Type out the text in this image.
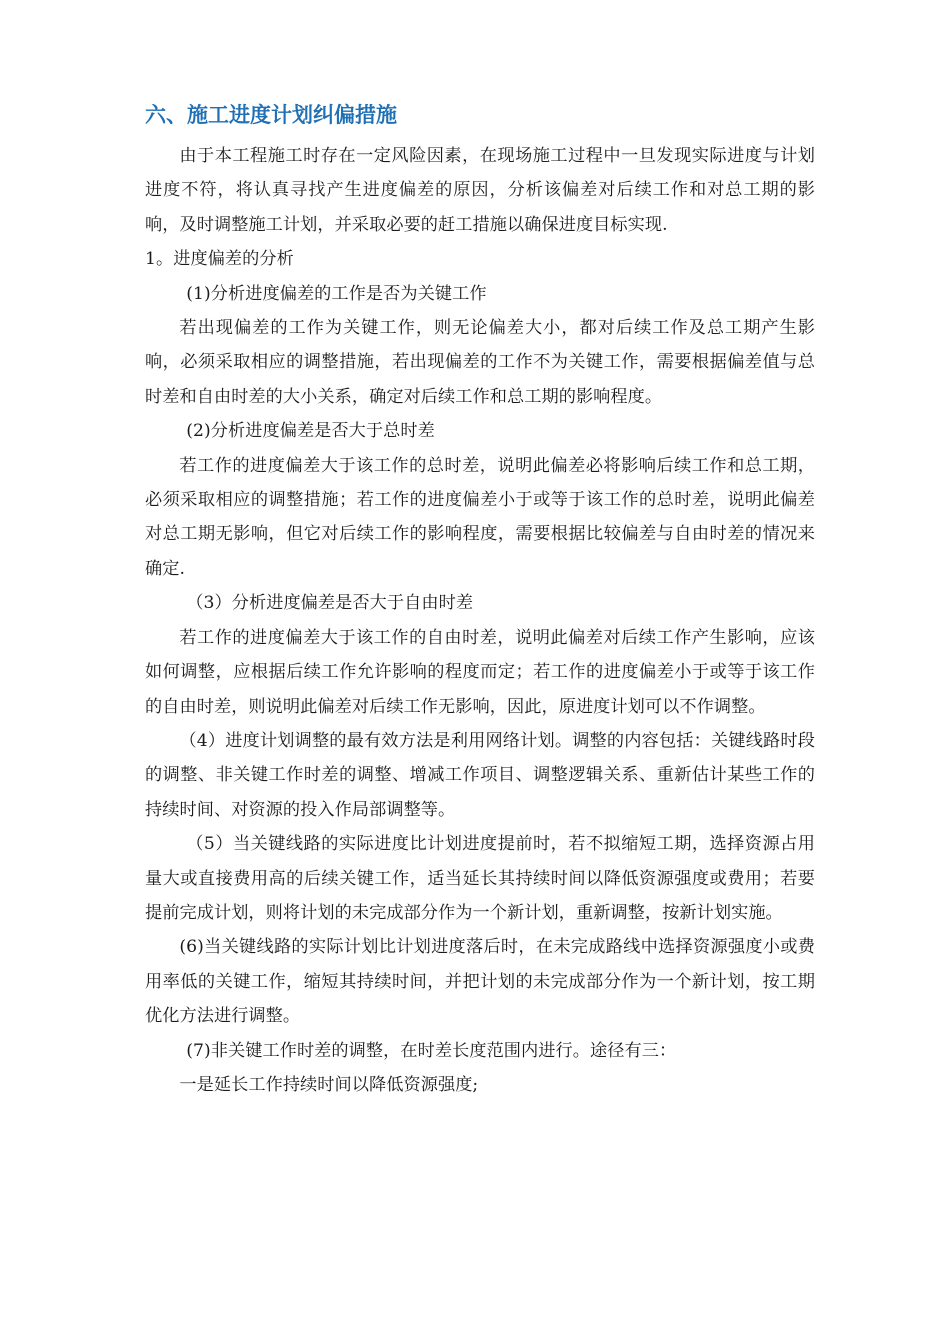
六、施工进度计划纠偏措施

由于本工程施工时存在一定风险因素，在现场施工过程中一旦发现实际进度与计划进度不符，将认真寻找产生进度偏差的原因，分析该偏差对后续工作和对总工期的影响，及时调整施工计划，并采取必要的赶工措施以确保进度目标实现.

1。进度偏差的分析

(1)分析进度偏差的工作是否为关键工作

若出现偏差的工作为关键工作，则无论偏差大小，都对后续工作及总工期产生影响，必须采取相应的调整措施，若出现偏差的工作不为关键工作，需要根据偏差值与总时差和自由时差的大小关系，确定对后续工作和总工期的影响程度。

(2)分析进度偏差是否大于总时差

若工作的进度偏差大于该工作的总时差，说明此偏差必将影响后续工作和总工期，必须采取相应的调整措施；若工作的进度偏差小于或等于该工作的总时差，说明此偏差对总工期无影响，但它对后续工作的影响程度，需要根据比较偏差与自由时差的情况来确定.

（3）分析进度偏差是否大于自由时差

若工作的进度偏差大于该工作的自由时差，说明此偏差对后续工作产生影响，应该如何调整，应根据后续工作允许影响的程度而定；若工作的进度偏差小于或等于该工作的自由时差，则说明此偏差对后续工作无影响，因此，原进度计划可以不作调整。

（4）进度计划调整的最有效方法是利用网络计划。调整的内容包括：关键线路时段的调整、非关键工作时差的调整、增减工作项目、调整逻辑关系、重新估计某些工作的持续时间、对资源的投入作局部调整等。

（5）当关键线路的实际进度比计划进度提前时，若不拟缩短工期，选择资源占用量大或直接费用高的后续关键工作，适当延长其持续时间以降低资源强度或费用；若要提前完成计划，则将计划的未完成部分作为一个新计划，重新调整，按新计划实施。

(6)当关键线路的实际计划比计划进度落后时，在未完成路线中选择资源强度小或费用率低的关键工作，缩短其持续时间，并把计划的未完成部分作为一个新计划，按工期优化方法进行调整。

(7)非关键工作时差的调整，在时差长度范围内进行。途径有三：

一是延长工作持续时间以降低资源强度;
